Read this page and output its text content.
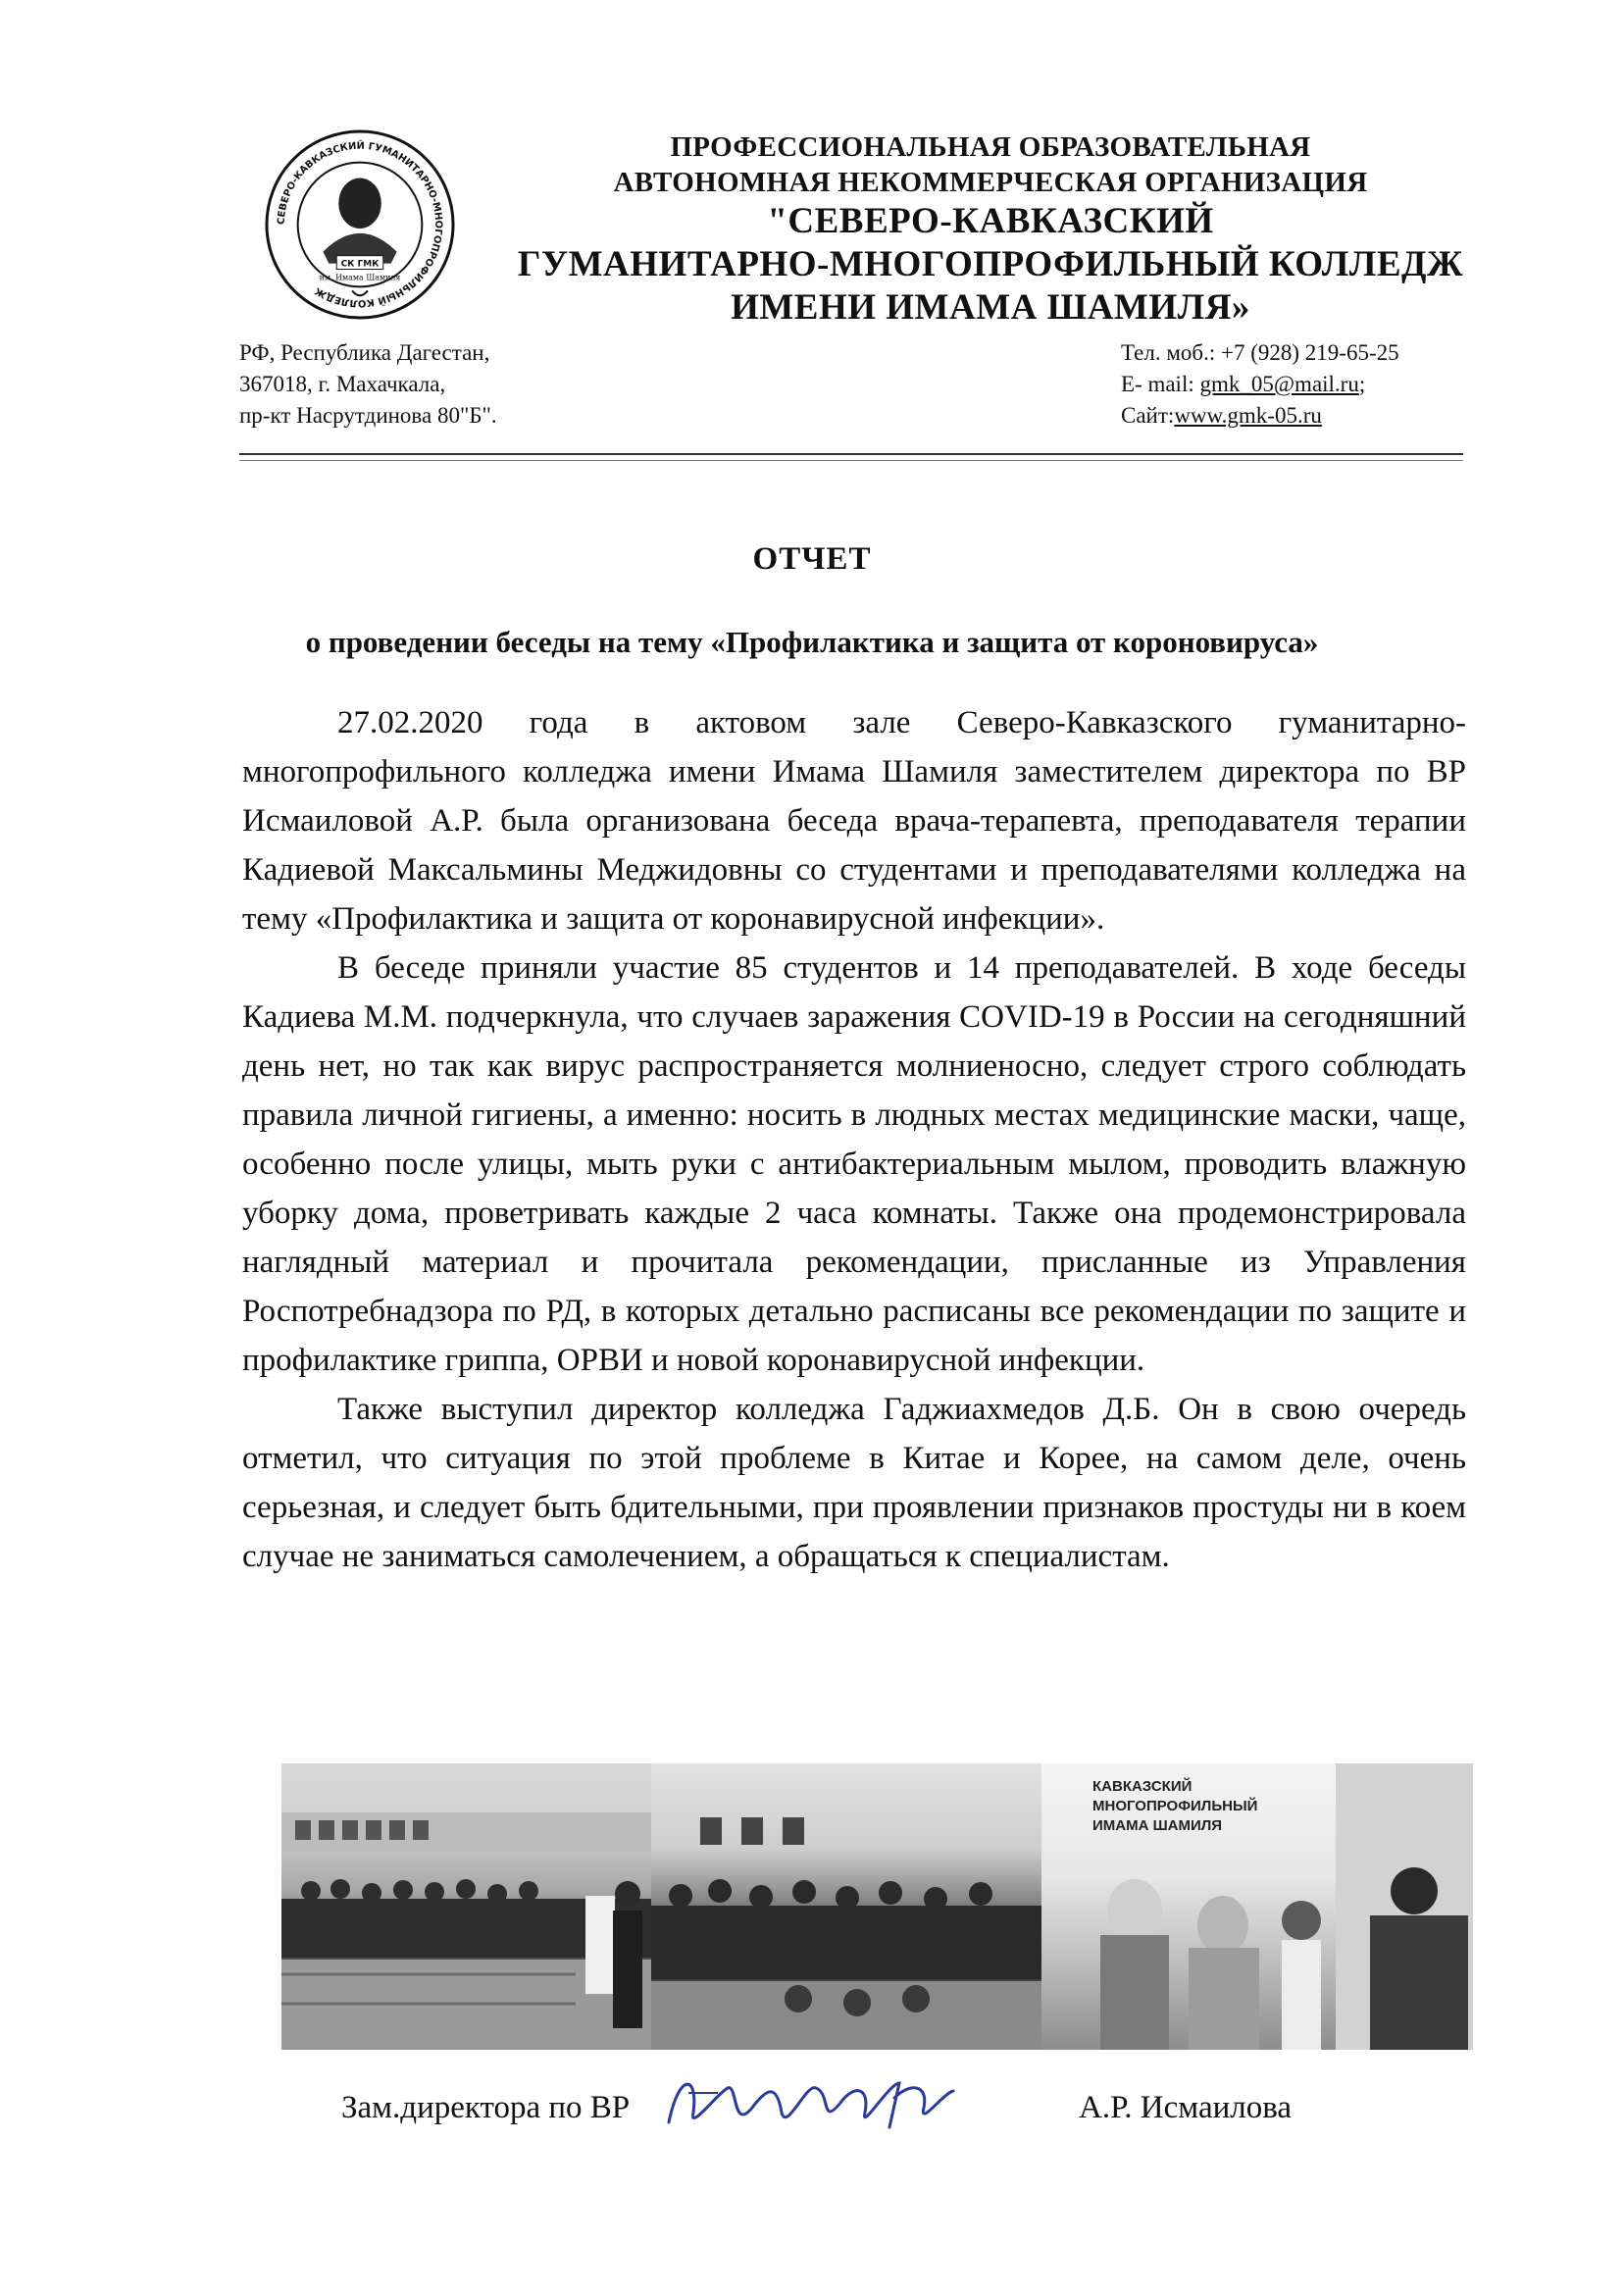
СЕВЕРО-КАВКАЗСКИЙ ГУМАНИТАРНО-МНОГОПРОФИЛЬНЫЙ КОЛЛЕДЖ
СК ГМК
им. Имама Шамиля
ПРОФЕССИОНАЛЬНАЯ ОБРАЗОВАТЕЛЬНАЯ
АВТОНОМНАЯ НЕКОММЕРЧЕСКАЯ ОРГАНИЗАЦИЯ
"СЕВЕРО-КАВКАЗСКИЙ
ГУМАНИТАРНО-МНОГОПРОФИЛЬНЫЙ КОЛЛЕДЖ
ИМЕНИ ИМАМА ШАМИЛЯ»
РФ, Республика Дагестан,
367018, г. Махачкала,
пр-кт Насрутдинова 80"Б".
Тел. моб.: +7 (928) 219-65-25
E- mail: gmk_05@mail.ru;
Сайт:www.gmk-05.ru
ОТЧЕТ
о проведении беседы на тему «Профилактика и защита от короновируса»

27.02.2020 года в актовом зале Северо-Кавказского гуманитарно-многопрофильного колледжа имени Имама Шамиля заместителем директора по ВР Исмаиловой А.Р. была организована беседа врача-терапевта, преподавателя терапии Кадиевой Максальмины Меджидовны со студентами и преподавателями колледжа на тему «Профилактика и защита от коронавирусной инфекции».

В беседе приняли участие 85 студентов и 14 преподавателей. В ходе беседы Кадиева М.М. подчеркнула, что случаев заражения COVID-19 в России на сегодняшний день нет, но так как вирус распространяется молниеносно, следует строго соблюдать правила личной гигиены, а именно: носить в людных местах медицинские маски, чаще, особенно после улицы, мыть руки с антибактериальным мылом, проводить влажную уборку дома, проветривать каждые 2 часа комнаты. Также она продемонстрировала наглядный материал и прочитала рекомендации, присланные из Управления Роспотребнадзора по РД, в которых детально расписаны все рекомендации по защите и профилактике гриппа, ОРВИ и новой коронавирусной инфекции.

Также выступил директор колледжа Гаджиахмедов Д.Б. Он в свою очередь отметил, что ситуация по этой проблеме в Китае и Корее, на самом деле, очень серьезная, и следует быть бдительными, при проявлении признаков простуды ни в коем случае не заниматься самолечением, а обращаться к специалистам.

КАВКАЗСКИЙ
МНОГОПРОФИЛЬНЫЙ
ИМАМА ШАМИЛЯ
Зам.директора по ВР	А.Р. Исмаилова
